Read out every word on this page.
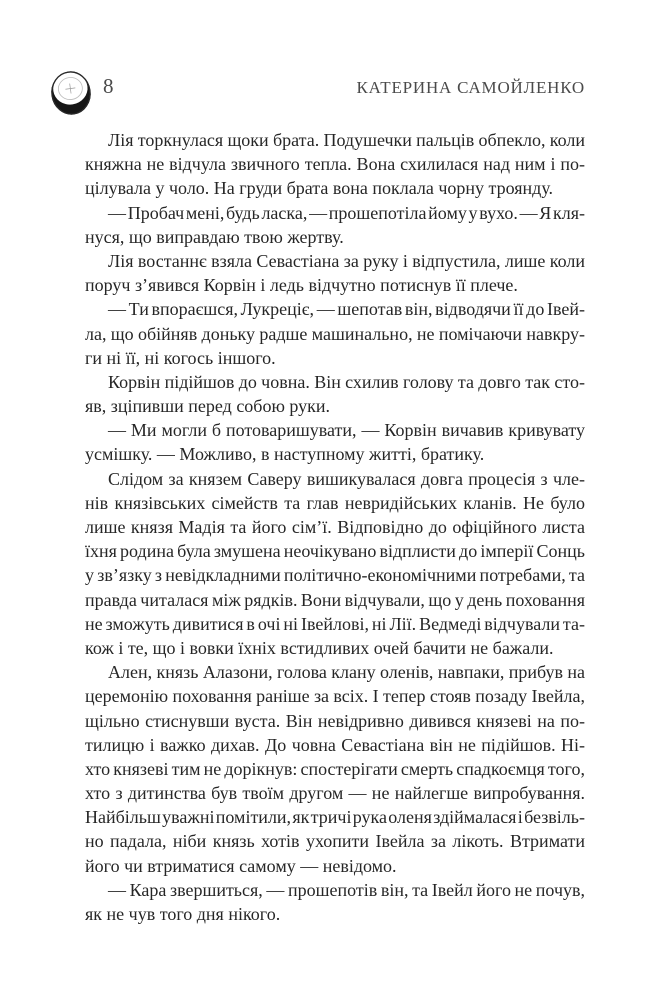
8	КАТЕРИНА САМОЙЛЕНКО
Лія торкнулася щоки брата. Подушечки пальців обпекло, коли
княжна не відчула звичного тепла. Вона схилилася над ним і по-
цілувала у чоло. На груди брата вона поклала чорну троянду.
— Пробач мені, будь ласка, — прошепотіла йому у вухо. — Я кля-
нуся, що виправдаю твою жертву.
Лія востаннє взяла Севастіана за руку і відпустила, лише коли
поруч з’явився Корвін і ледь відчутно потиснув її плече.
— Ти впораєшся, Лукреціє, — шепотав він, відводячи її до Івей-
ла, що обійняв доньку радше машинально, не помічаючи навкру-
ги ні її, ні когось іншого.
Корвін підійшов до човна. Він схилив голову та довго так сто-
яв, зціпивши перед собою руки.
— Ми могли б потоваришувати, — Корвін вичавив кривувату
усмішку. — Можливо, в наступному житті, братику.
Слідом за князем Саверу вишикувалася довга процесія з чле-
нів князівських сімейств та глав невридійських кланів. Не було
лише князя Мадія та його сім’ї. Відповідно до офіційного листа
їхня родина була змушена неочікувано відплисти до імперії Сонць
у зв’язку з невідкладними політично-економічними потребами, та
правда читалася між рядків. Вони відчували, що у день поховання
не зможуть дивитися в очі ні Івейлові, ні Лії. Ведмеді відчували та-
кож і те, що і вовки їхніх встидливих очей бачити не бажали.
Ален, князь Алазони, голова клану оленів, навпаки, прибув на
церемонію поховання раніше за всіх. І тепер стояв позаду Івейла,
щільно стиснувши вуста. Він невідривно дивився князеві на по-
тилицю і важко дихав. До човна Севастіана він не підійшов. Ні-
хто князеві тим не дорікнув: спостерігати смерть спадкоємця того,
хто з дитинства був твоїм другом — не найлегше випробування.
Найбільш уважні помітили, як тричі рука оленя здіймалася і безвіль-
но падала, ніби князь хотів ухопити Івейла за лікоть. Втримати
його чи втриматися самому — невідомо.
— Кара звершиться, — прошепотів він, та Івейл його не почув,
як не чув того дня нікого.
